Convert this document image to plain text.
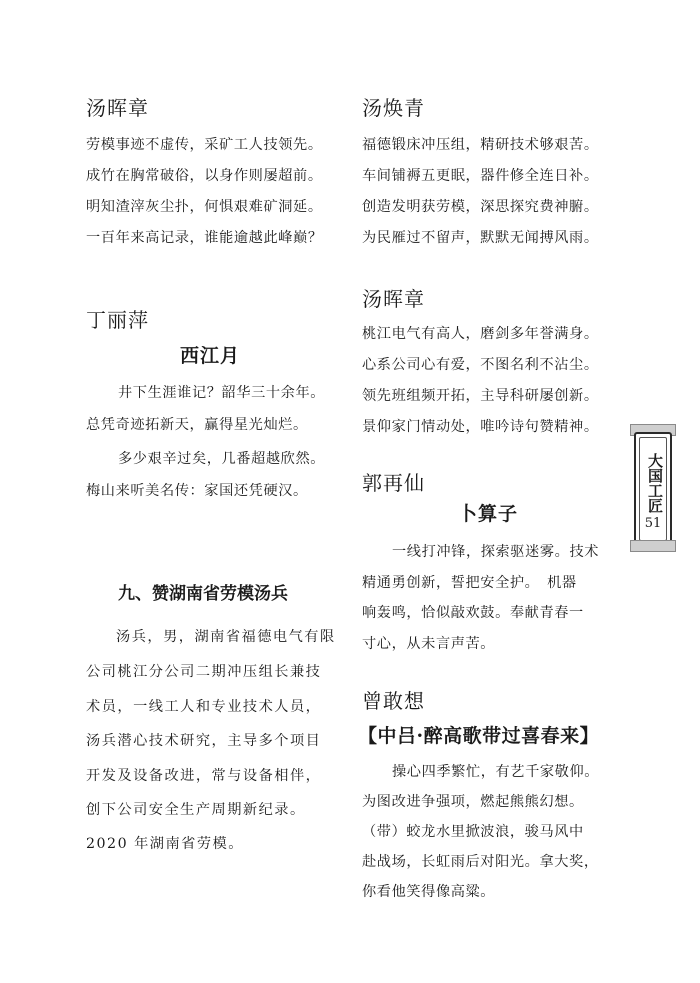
汤晖章
劳模事迹不虚传，采矿工人技领先。
成竹在胸常破俗，以身作则屡超前。
明知渣滓灰尘扑，何惧艰难矿洞延。
一百年来高记录，谁能逾越此峰巅？
丁丽萍
西江月
井下生涯谁记？韶华三十余年。
总凭奇迹拓新天，赢得星光灿烂。
多少艰辛过矣，几番超越欣然。
梅山来听美名传：家国还凭硬汉。
九、赞湖南省劳模汤兵
汤兵，男，湖南省福德电气有限
公司桃江分公司二期冲压组长兼技
术员，一线工人和专业技术人员，
汤兵潜心技术研究，主导多个项目
开发及设备改进，常与设备相伴，
创下公司安全生产周期新纪录。
2020 年湖南省劳模。
汤焕青
福德锻床冲压组，精研技术够艰苦。
车间铺褥五更眠，器件修全连日补。
创造发明获劳模，深思探究费神腑。
为民雁过不留声，默默无闻搏风雨。
汤晖章
桃江电气有高人，磨剑多年誉满身。
心系公司心有爱，不图名利不沾尘。
领先班组频开拓，主导科研屡创新。
景仰家门情动处，唯吟诗句赞精神。
郭再仙
卜算子
一线打冲锋，探索驱迷雾。技术
精通勇创新，誓把安全护。　机器
响轰鸣，恰似敲欢鼓。奉献青春一
寸心，从未言声苦。
曾敢想
【中吕·醉高歌带过喜春来】
操心四季繁忙，有艺千家敬仰。
为图改进争强项，燃起熊熊幻想。
（带）蛟龙水里掀波浪，骏马风中
赴战场，长虹雨后对阳光。拿大奖，
你看他笑得像高粱。
大国工匠
51
